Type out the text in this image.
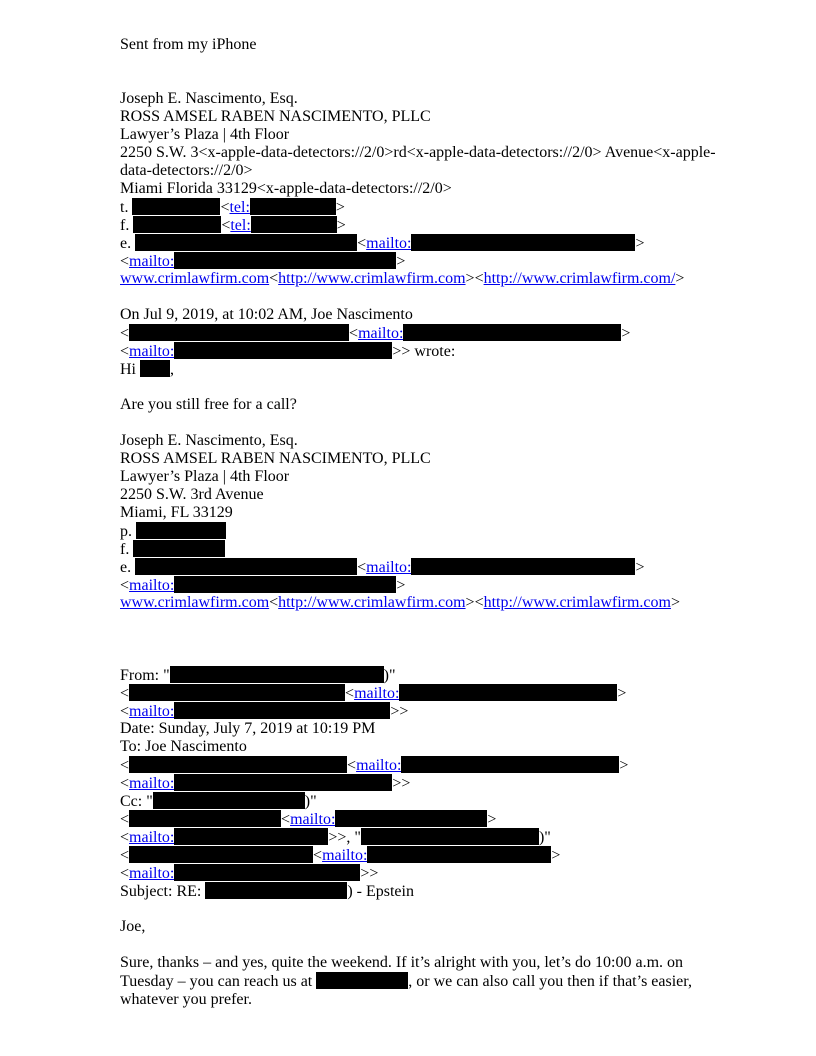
Sent from my iPhone
Joseph E. Nascimento, Esq.
ROSS AMSEL RABEN NASCIMENTO, PLLC
Lawyer’s Plaza | 4th Floor
2250 S.W. 3<x-apple-data-detectors://2/0>rd<x-apple-data-detectors://2/0> Avenue<x-apple-data-detectors://2/0>
Miami Florida 33129<x-apple-data-detectors://2/0>
t.	<tel:	>
f.	<tel:	>
e.	<mailto:	>
<mailto:	>
www.crimlawfirm.com<http://www.crimlawfirm.com><http://www.crimlawfirm.com/>
On Jul 9, 2019, at 10:02 AM, Joe Nascimento
<	<mailto:	>
<mailto:	>> wrote:
Hi ,
Are you still free for a call?
Joseph E. Nascimento, Esq.
ROSS AMSEL RABEN NASCIMENTO, PLLC
Lawyer’s Plaza | 4th Floor
2250 S.W. 3rd Avenue
Miami, FL 33129
p.
f.
e.	<mailto:	>
<mailto:	>
www.crimlawfirm.com<http://www.crimlawfirm.com><http://www.crimlawfirm.com>
From: "	)"
<	<mailto:	>
<mailto:	>>
Date: Sunday, July 7, 2019 at 10:19 PM
To: Joe Nascimento
<	<mailto:	>
<mailto:	>>
Cc: "	)"
<	<mailto:	>
<mailto:	>>, "	)"
<	<mailto:	>
<mailto:	>>
Subject: RE:	) - Epstein
Joe,
Sure, thanks – and yes, quite the weekend. If it’s alright with you, let’s do 10:00 a.m. on Tuesday – you can reach us at	, or we can also call you then if that’s easier, whatever you prefer.
